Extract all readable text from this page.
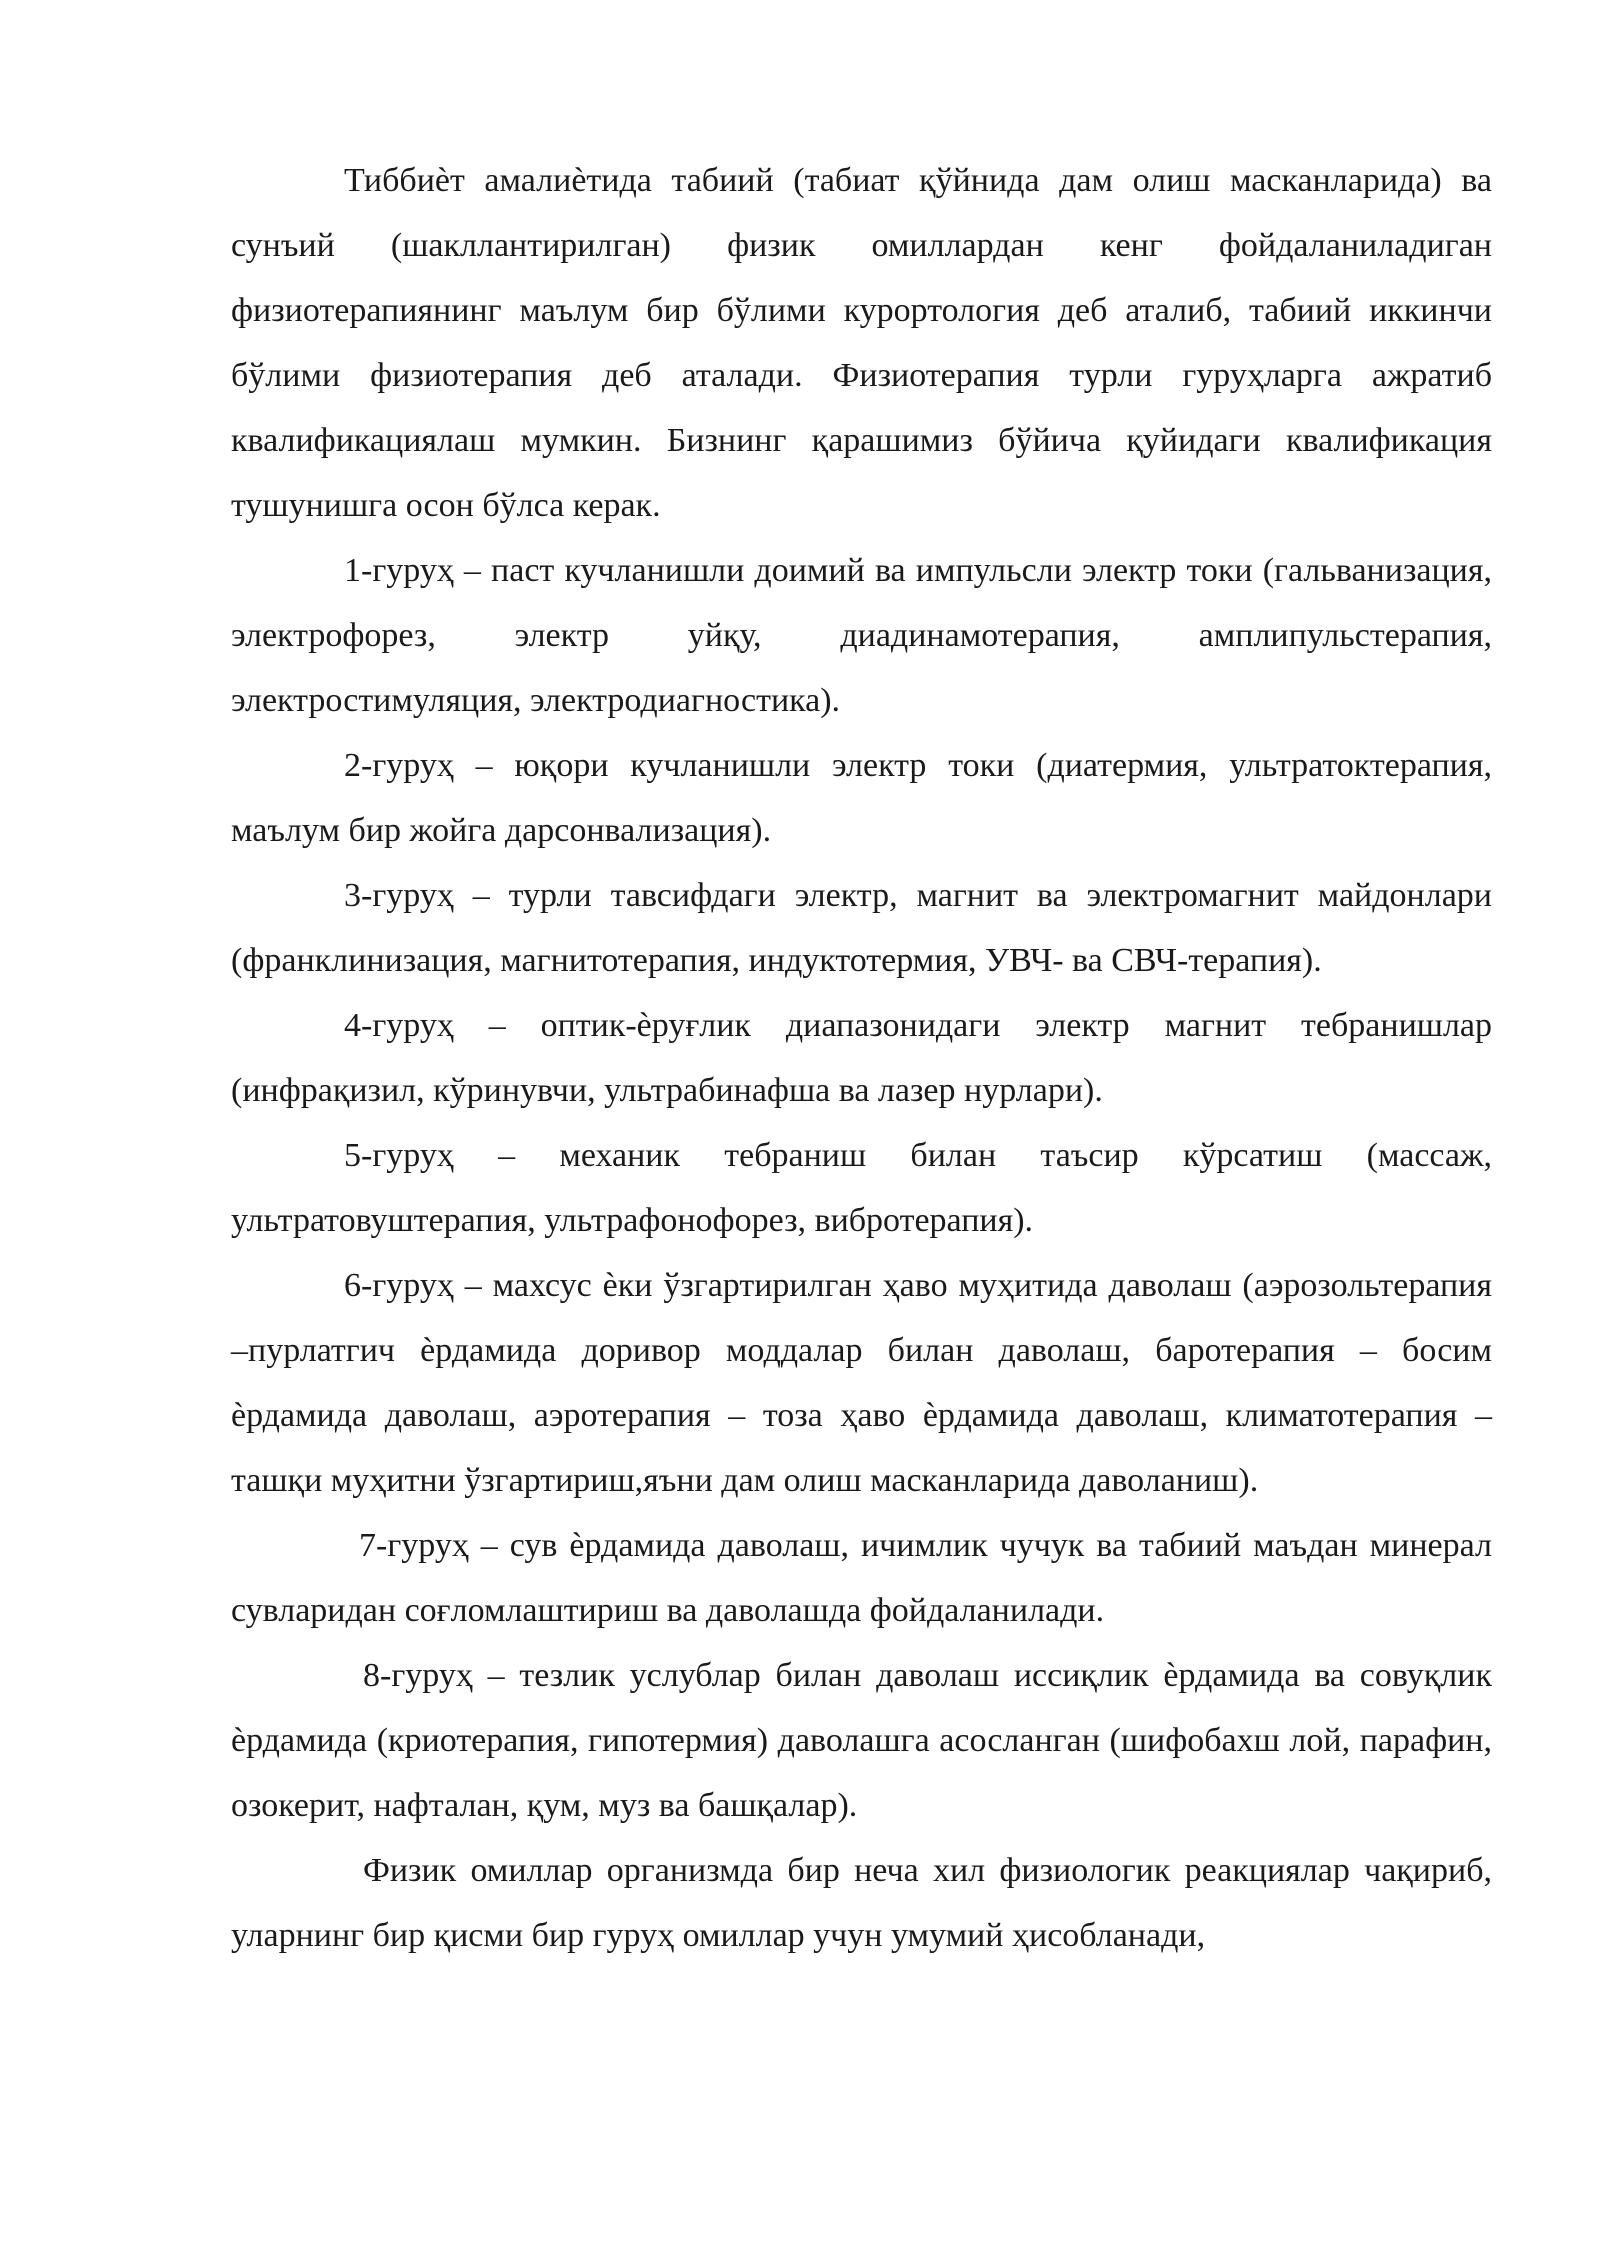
Тиббиѐт амалиѐтида табиий (табиат қўйнида дам олиш масканларида) ва сунъий (шакллантирилган) физик омиллардан кенг фойдаланиладиган физиотерапиянинг маълум бир бўлими курортология деб аталиб, табиий иккинчи бўлими физиотерапия деб аталади. Физиотерапия турли гуруҳларга ажратиб квалификациялаш мумкин. Бизнинг қарашимиз бўйича қуйидаги квалификация тушунишга осон бўлса керак.

1-гуруҳ – паст кучланишли доимий ва импульсли электр токи (гальванизация, электрофорез, электр уйқу, диадинамотерапия, амплипульстерапия, электростимуляция, электродиагностика).

2-гуруҳ – юқори кучланишли электр токи (диатермия, ультратоктерапия, маълум бир жойга дарсонвализация).

3-гуруҳ – турли тавсифдаги электр, магнит ва электромагнит майдонлари (франклинизация, магнитотерапия, индуктотермия, УВЧ- ва СВЧ-терапия).

4-гуруҳ – оптик-ѐруғлик диапазонидаги электр магнит тебранишлар (инфрақизил, кўринувчи, ультрабинафша ва лазер нурлари).

5-гуруҳ – механик тебраниш билан таъсир кўрсатиш (массаж, ультратовуштерапия, ультрафонофорез, вибротерапия).

6-гуруҳ – махсус ѐки ўзгартирилган ҳаво муҳитида даволаш (аэрозольтерапия –пурлатгич ѐрдамида доривор моддалар билан даволаш, баротерапия – босим ѐрдамида даволаш, аэротерапия – тоза ҳаво ѐрдамида даволаш, климатотерапия – ташқи муҳитни ўзгартириш,яъни дам олиш масканларида даволаниш).

7-гуруҳ – сув ѐрдамида даволаш, ичимлик чучук ва табиий маъдан минерал сувларидан соғломлаштириш ва даволашда фойдаланилади.

8-гуруҳ – тезлик услублар билан даволаш иссиқлик ѐрдамида ва совуқлик ѐрдамида (криотерапия, гипотермия) даволашга асосланган (шифобахш лой, парафин, озокерит, нафталан, қум, муз ва башқалар).

Физик омиллар организмда бир неча хил физиологик реакциялар чақириб, уларнинг бир қисми бир гуруҳ омиллар учун умумий ҳисобланади,
